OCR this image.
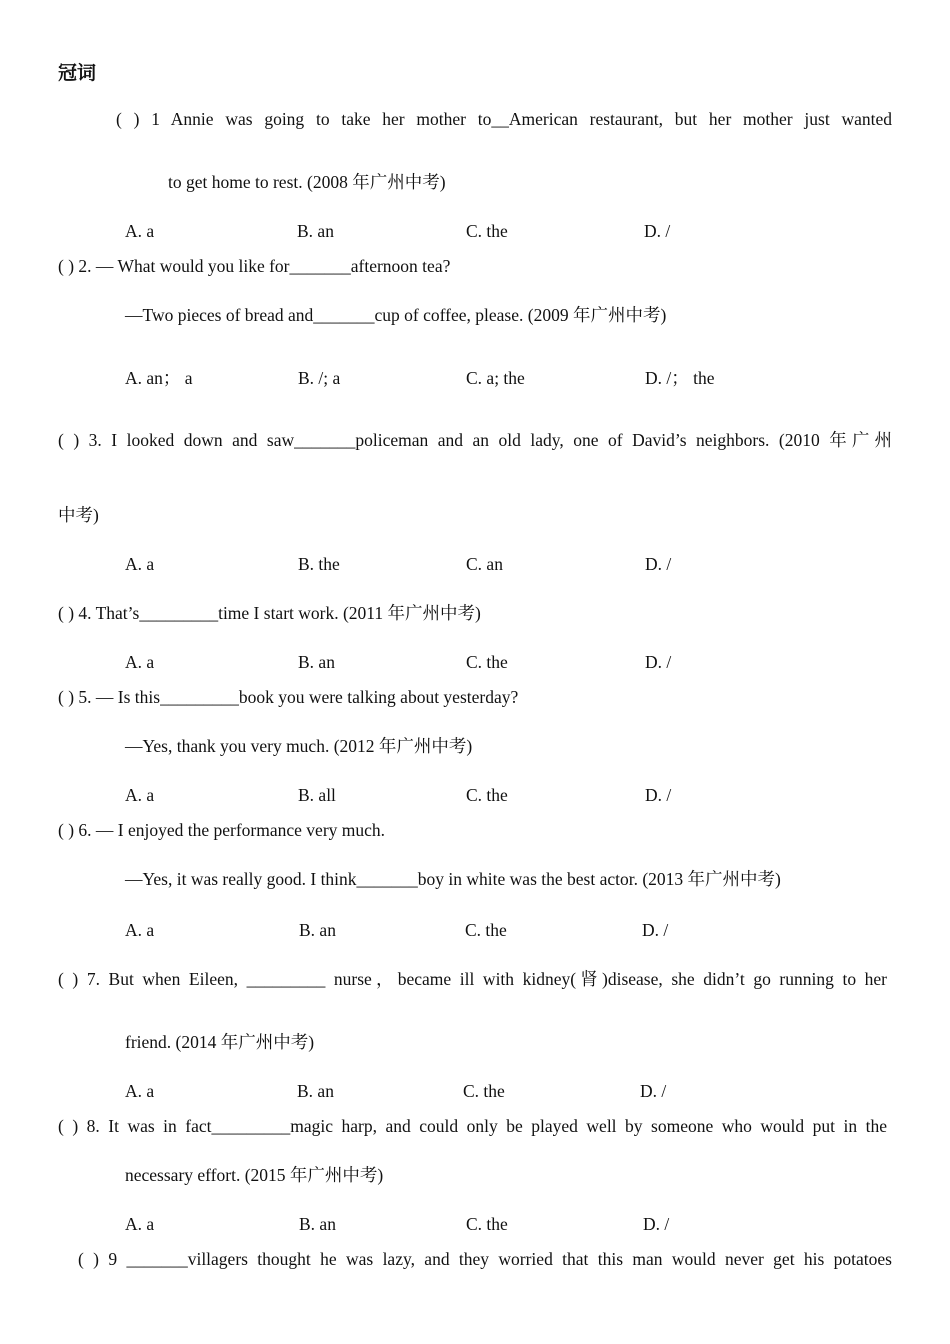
冠词
( ) 1 Annie was going to take her mother to__American restaurant, but her mother just wanted
to get home to rest. (2008 年广州中考)
A. a	B. an	C. the	D. /
( ) 2. — What would you like for_______afternoon tea?
—Two pieces of bread and_______cup of coffee, please. (2009 年广州中考)
A. an； a	B. /; a	C. a; the	D. /； the
( ) 3. I looked down and saw_______policeman and an old lady, one of David’s neighbors. (2010 年广州
中考)
A. a	B. the	C. an	D. /
( ) 4. That’s_________time I start work. (2011 年广州中考)
A. a	B. an	C. the	D. /
( ) 5. — Is this_________book you were talking about yesterday?
—Yes, thank you very much. (2012 年广州中考)
A. a	B. all	C. the	D. /
( ) 6. — I enjoyed the performance very much.
—Yes, it was really good. I think_______boy in white was the best actor. (2013 年广州中考)
A. a	B. an	C. the	D. /
( ) 7. But when Eileen, _________ nurse，became ill with kidney(肾)disease, she didn’t go running to her
friend. (2014 年广州中考)
A. a	B. an	C. the	D. /
( ) 8. It was in fact_________magic harp, and could only be played well by someone who would put in the
necessary effort. (2015 年广州中考)
A. a	B. an	C. the	D. /
( ) 9 _______villagers thought he was lazy, and they worried that this man would never get his potatoes
